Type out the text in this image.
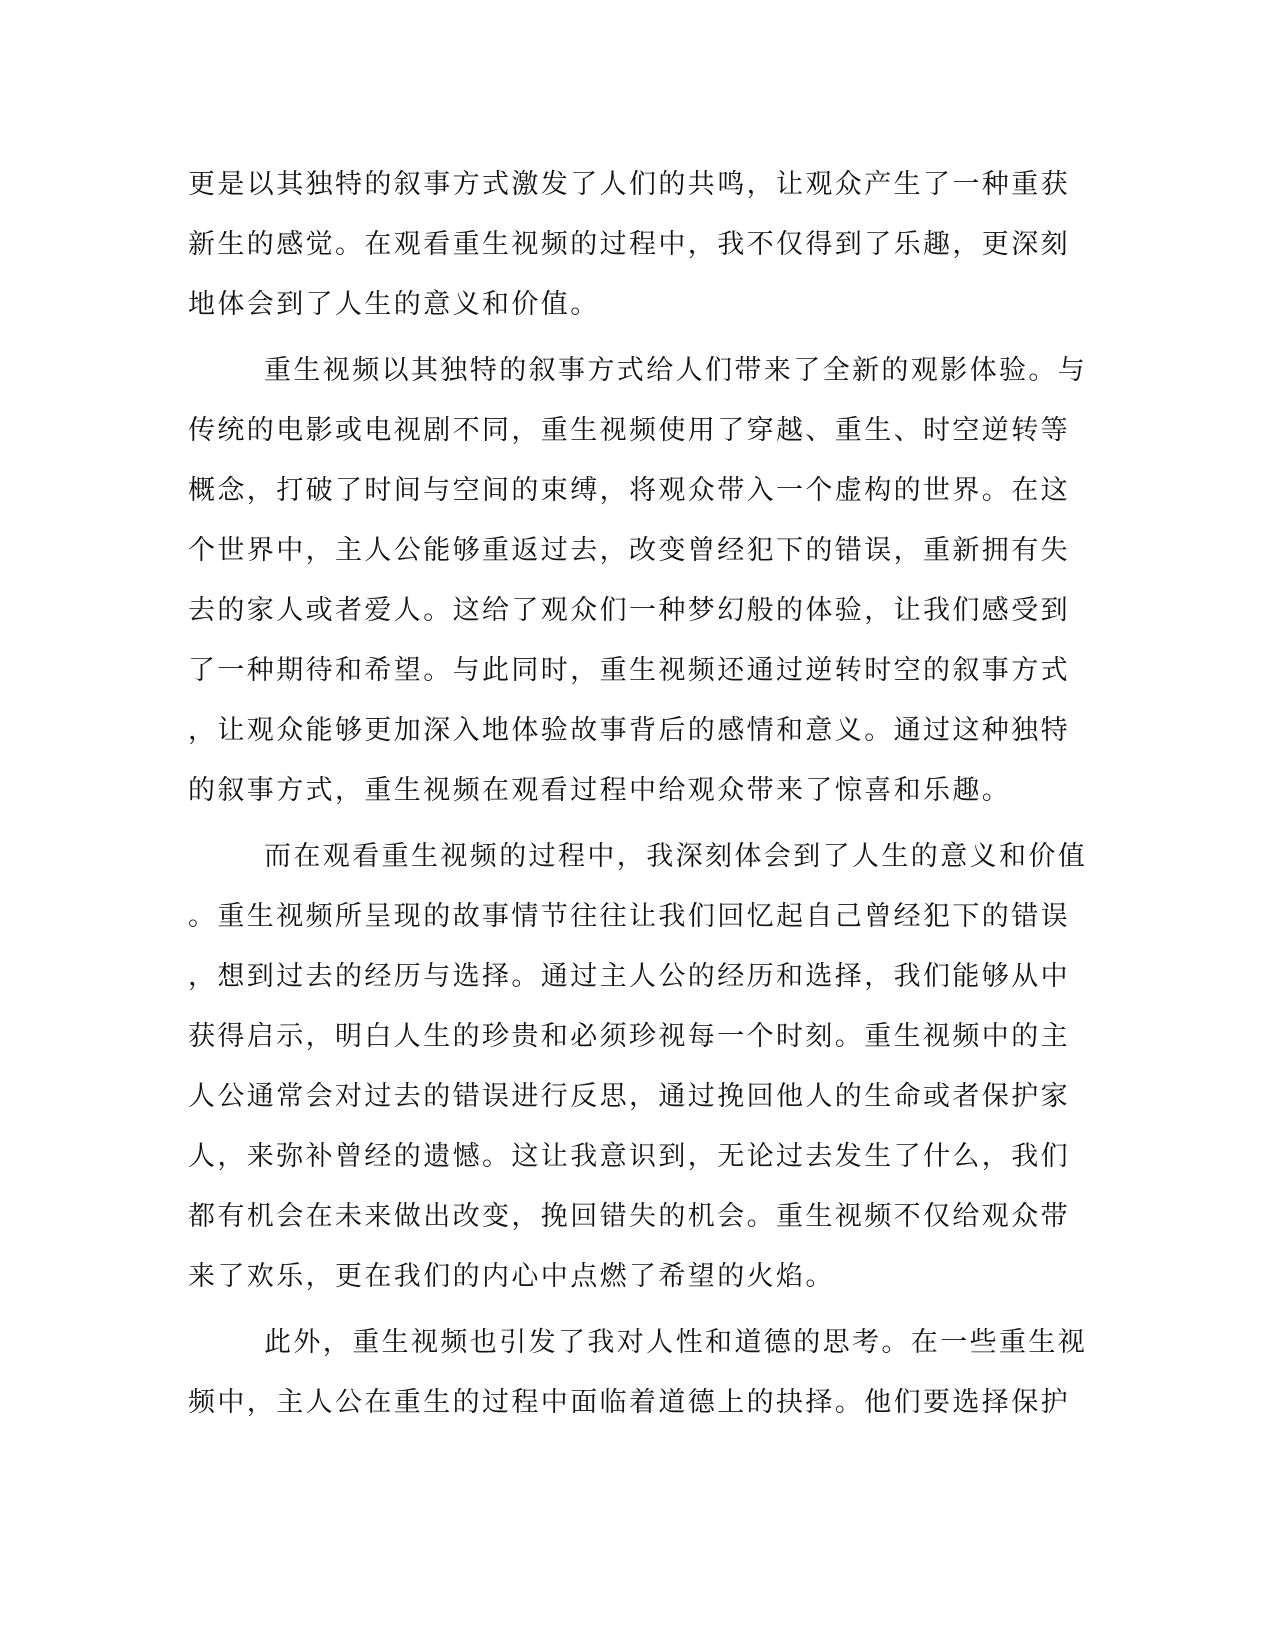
更是以其独特的叙事方式激发了人们的共鸣，让观众产生了一种重获
新生的感觉。在观看重生视频的过程中，我不仅得到了乐趣，更深刻
地体会到了人生的意义和价值。

重生视频以其独特的叙事方式给人们带来了全新的观影体验。与
传统的电影或电视剧不同，重生视频使用了穿越、重生、时空逆转等
概念，打破了时间与空间的束缚，将观众带入一个虚构的世界。在这
个世界中，主人公能够重返过去，改变曾经犯下的错误，重新拥有失
去的家人或者爱人。这给了观众们一种梦幻般的体验，让我们感受到
了一种期待和希望。与此同时，重生视频还通过逆转时空的叙事方式
，让观众能够更加深入地体验故事背后的感情和意义。通过这种独特
的叙事方式，重生视频在观看过程中给观众带来了惊喜和乐趣。

而在观看重生视频的过程中，我深刻体会到了人生的意义和价值
。重生视频所呈现的故事情节往往让我们回忆起自己曾经犯下的错误
，想到过去的经历与选择。通过主人公的经历和选择，我们能够从中
获得启示，明白人生的珍贵和必须珍视每一个时刻。重生视频中的主
人公通常会对过去的错误进行反思，通过挽回他人的生命或者保护家
人，来弥补曾经的遗憾。这让我意识到，无论过去发生了什么，我们
都有机会在未来做出改变，挽回错失的机会。重生视频不仅给观众带
来了欢乐，更在我们的内心中点燃了希望的火焰。

此外，重生视频也引发了我对人性和道德的思考。在一些重生视
频中，主人公在重生的过程中面临着道德上的抉择。他们要选择保护
